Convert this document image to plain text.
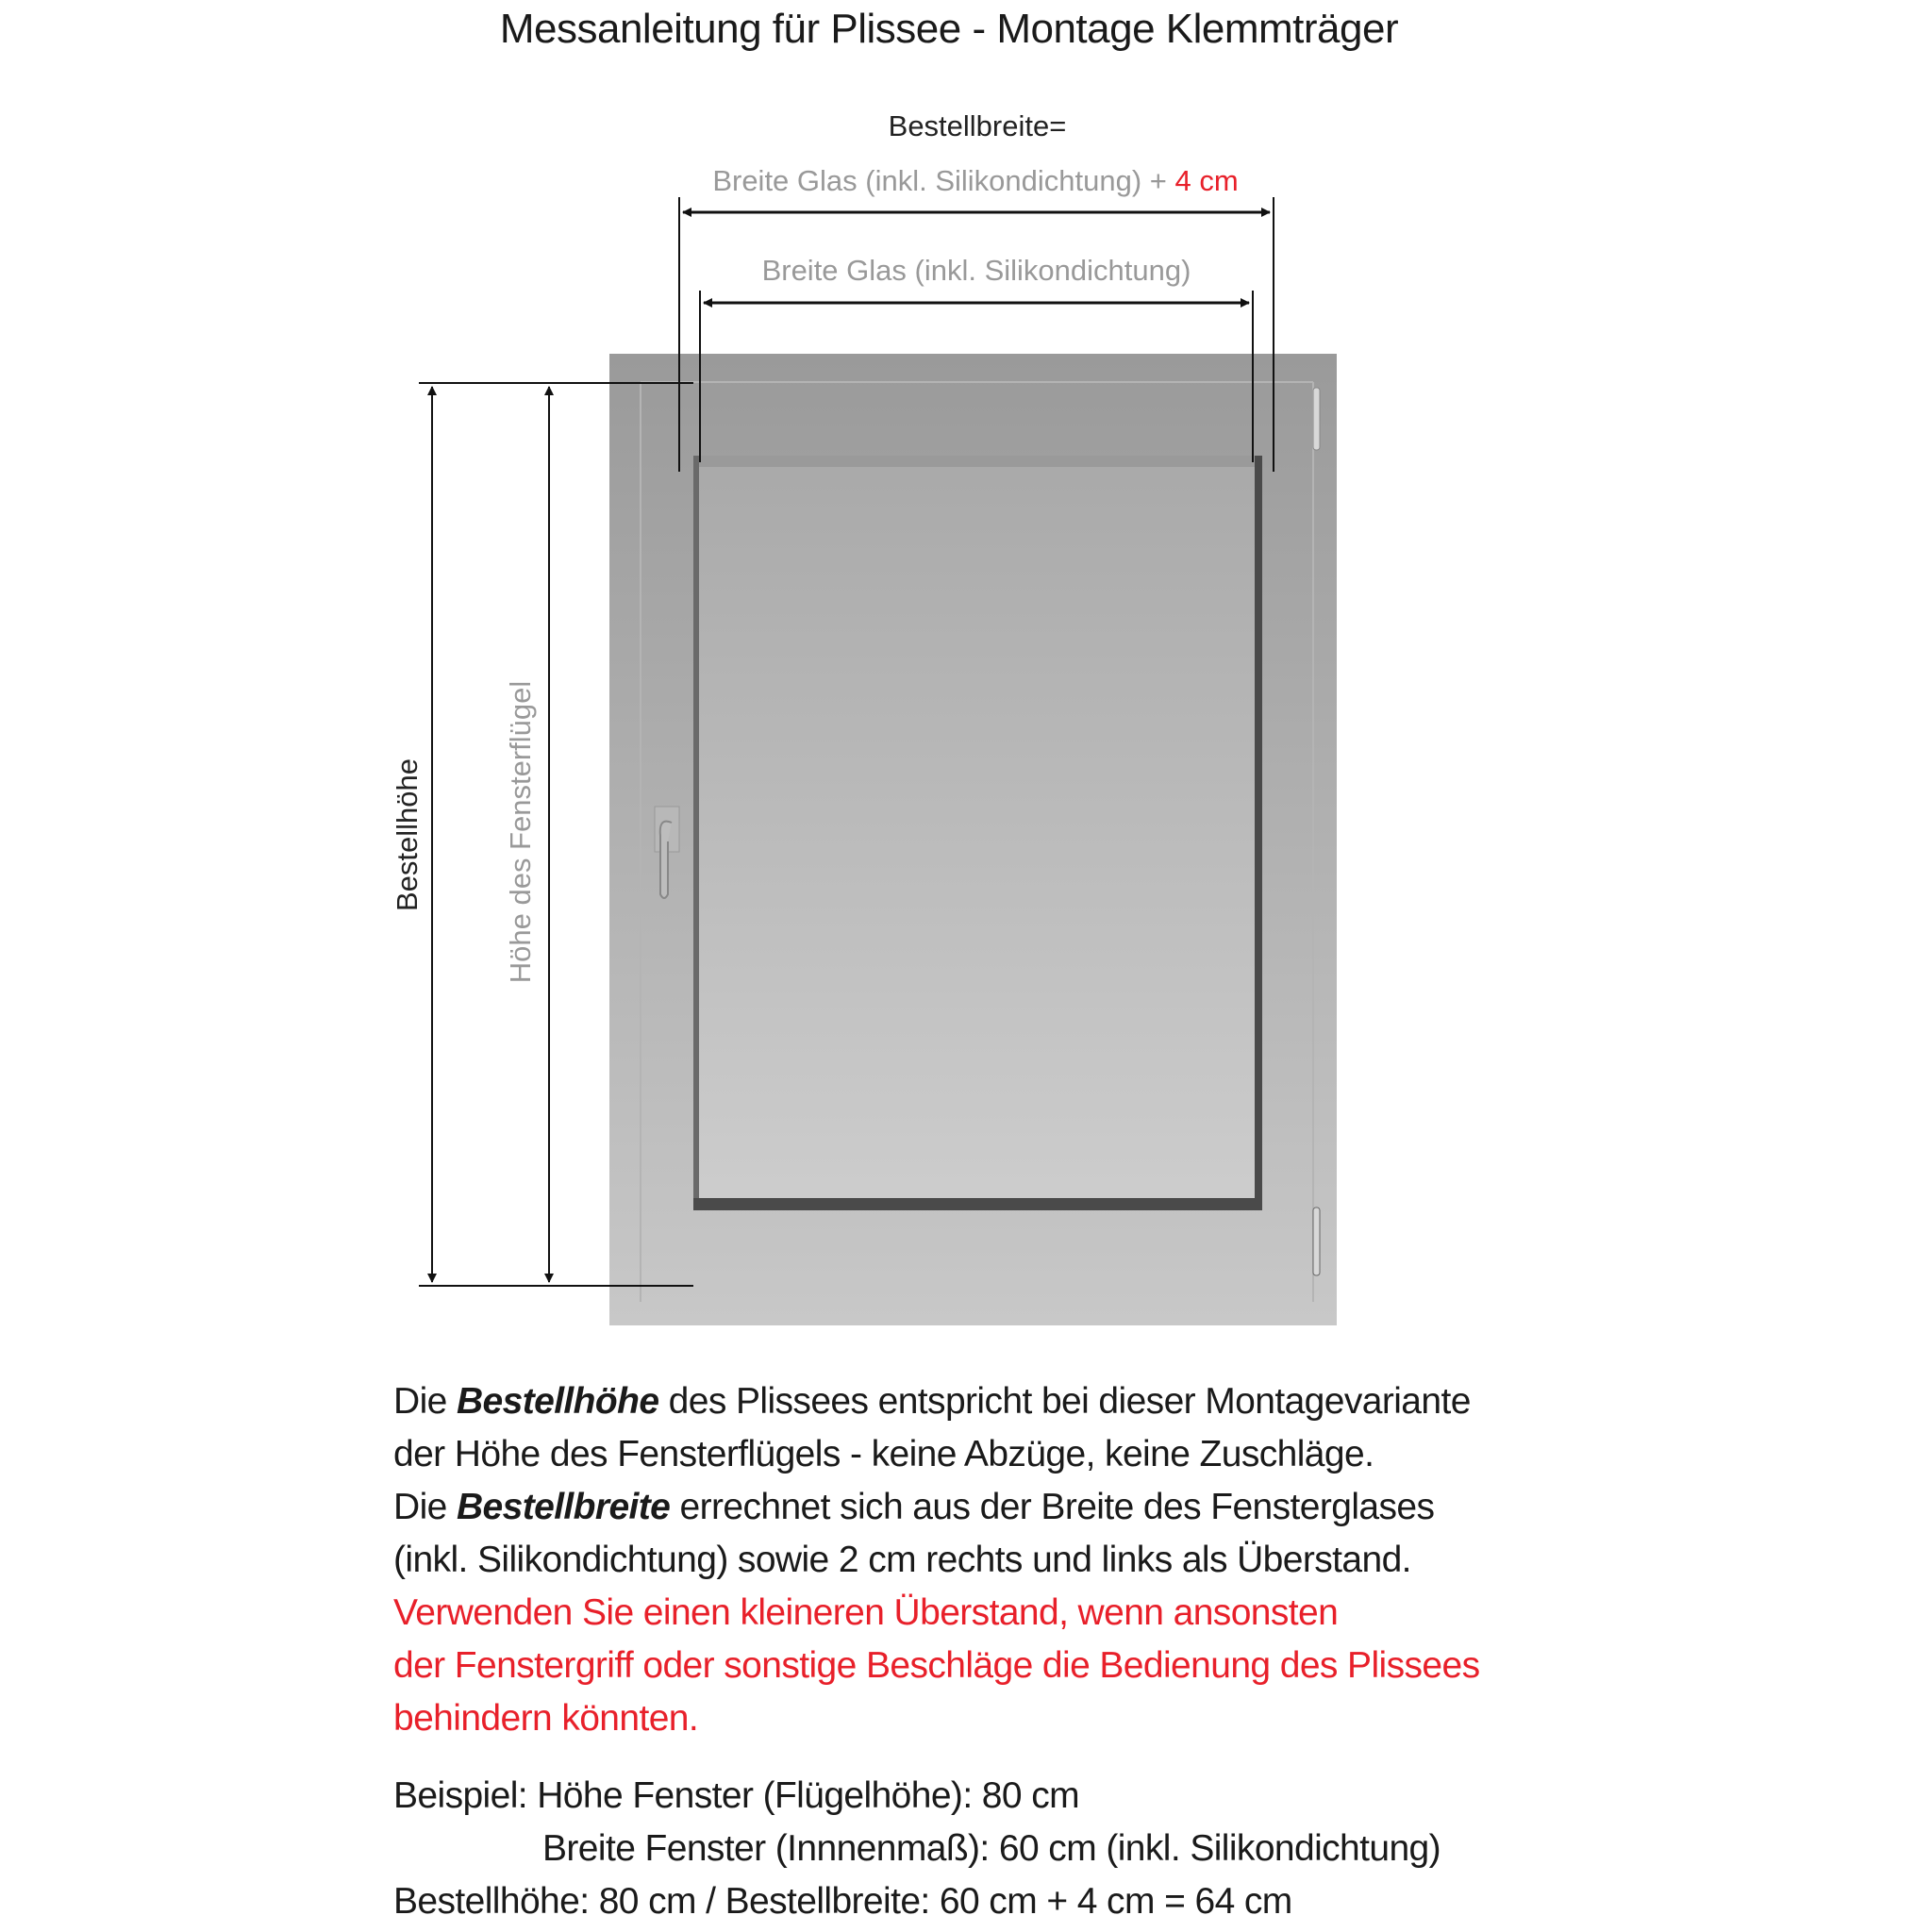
Messanleitung für Plissee - Montage Klemmträger
Bestellbreite=
Breite Glas (inkl. Silikondichtung) + 4 cm
Breite Glas (inkl. Silikondichtung)
Bestellhöhe	Höhe des Fensterflügel
Die Bestellhöhe des Plissees entspricht bei dieser Montagevariante
der Höhe des Fensterflügels - keine Abzüge, keine Zuschläge.
Die Bestellbreite errechnet sich aus der Breite des Fensterglases
(inkl. Silikondichtung) sowie 2 cm rechts und links als Überstand.
Verwenden Sie einen kleineren Überstand, wenn ansonsten
der Fenstergriff oder sonstige Beschläge die Bedienung des Plissees
behindern könnten.
Beispiel: Höhe Fenster (Flügelhöhe): 80 cm
Breite Fenster (Innnenmaß): 60 cm (inkl. Silikondichtung)
Bestellhöhe: 80 cm / Bestellbreite: 60 cm + 4 cm = 64 cm
